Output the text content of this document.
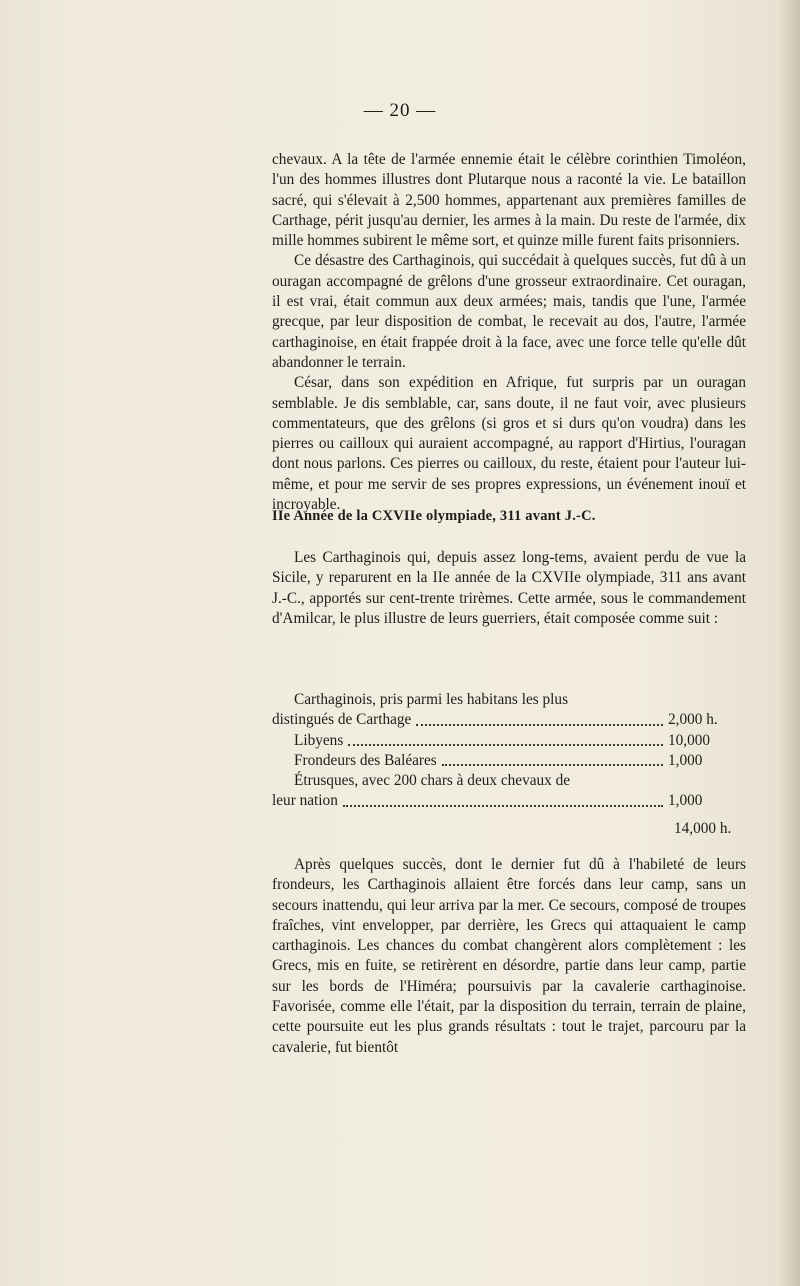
— 20 —

chevaux. A la tête de l'armée ennemie était le célèbre corinthien Timoléon, l'un des hommes illustres dont Plutarque nous a raconté la vie. Le bataillon sacré, qui s'élevait à 2,500 hommes, appartenant aux premières familles de Carthage, périt jusqu'au dernier, les armes à la main. Du reste de l'armée, dix mille hommes subirent le même sort, et quinze mille furent faits prisonniers.

Ce désastre des Carthaginois, qui succédait à quelques succès, fut dû à un ouragan accompagné de grêlons d'une grosseur extraordinaire. Cet ouragan, il est vrai, était commun aux deux armées; mais, tandis que l'une, l'armée grecque, par leur disposition de combat, le recevait au dos, l'autre, l'armée carthaginoise, en était frappée droit à la face, avec une force telle qu'elle dût abandonner le terrain.

César, dans son expédition en Afrique, fut surpris par un ouragan semblable. Je dis semblable, car, sans doute, il ne faut voir, avec plusieurs commentateurs, que des grêlons (si gros et si durs qu'on voudra) dans les pierres ou cailloux qui auraient accompagné, au rapport d'Hirtius, l'ouragan dont nous parlons. Ces pierres ou cailloux, du reste, étaient pour l'auteur lui-même, et pour me servir de ses propres expressions, un événement inouï et incroyable.

IIe Année de la CXVIIe olympiade, 311 avant J.-C.

Les Carthaginois qui, depuis assez long-tems, avaient perdu de vue la Sicile, y reparurent en la IIe année de la CXVIIe olympiade, 311 ans avant J.-C., apportés sur cent-trente trirèmes. Cette armée, sous le commandement d'Amilcar, le plus illustre de leurs guerriers, était composée comme suit :

Carthaginois, pris parmi les habitans les plus
distingués de Carthage	2,000 h.
Libyens	10,000
Frondeurs des Baléares	1,000
Étrusques, avec 200 chars à deux chevaux de
leur nation	1,000
14,000 h.

Après quelques succès, dont le dernier fut dû à l'habileté de leurs frondeurs, les Carthaginois allaient être forcés dans leur camp, sans un secours inattendu, qui leur arriva par la mer. Ce secours, composé de troupes fraîches, vint envelopper, par derrière, les Grecs qui attaquaient le camp carthaginois. Les chances du combat changèrent alors complètement : les Grecs, mis en fuite, se retirèrent en désordre, partie dans leur camp, partie sur les bords de l'Himéra; poursuivis par la cavalerie carthaginoise. Favorisée, comme elle l'était, par la disposition du terrain, terrain de plaine, cette poursuite eut les plus grands résultats : tout le trajet, parcouru par la cavalerie, fut bientôt
